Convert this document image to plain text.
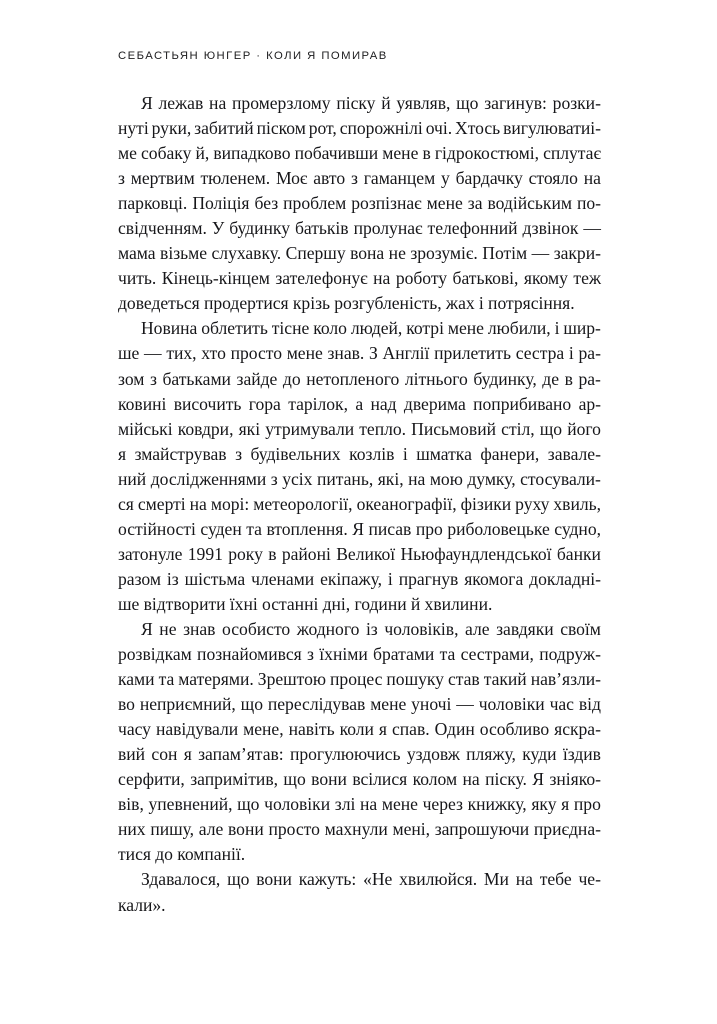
СЕБАСТЬЯН ЮНГЕР · КОЛИ Я ПОМИРАВ

Я лежав на промерзлому піску й уявляв, що загинув: розки-
нуті руки, забитий піском рот, спорожнілі очі. Хтось вигулюватиі-
ме собаку й, випадково побачивши мене в гідрокостюмі, сплутає
з мертвим тюленем. Моє авто з гаманцем у бардачку стояло на
парковці. Поліція без проблем розпізнає мене за водійським по-
свідченням. У будинку батьків пролунає телефонний дзвінок —
мама візьме слухавку. Спершу вона не зрозуміє. Потім — закри-
чить. Кінець-кінцем зателефонує на роботу батькові, якому теж
доведеться продертися крізь розгубленість, жах і потрясіння.

Новина облетить тісне коло людей, котрі мене любили, і шир-
ше — тих, хто просто мене знав. З Англії прилетить сестра і ра-
зом з батьками зайде до нетопленого літнього будинку, де в ра-
ковині височить гора тарілок, а над дверима поприбивано ар-
мійські ковдри, які утримували тепло. Письмовий стіл, що його
я змайстрував з будівельних козлів і шматка фанери, завале-
ний дослідженнями з усіх питань, які, на мою думку, стосували-
ся смерті на морі: метеорології, океанографії, фізики руху хвиль,
остійності суден та втоплення. Я писав про риболовецьке судно,
затонуле 1991 року в районі Великої Ньюфаундлендської банки
разом із шістьма членами екіпажу, і прагнув якомога докладні-
ше відтворити їхні останні дні, години й хвилини.

Я не знав особисто жодного із чоловіків, але завдяки своїм
розвідкам познайомився з їхніми братами та сестрами, подруж-
ками та матерями. Зрештою процес пошуку став такий нав’язли-
во неприємний, що переслідував мене уночі — чоловіки час від
часу навідували мене, навіть коли я спав. Один особливо яскра-
вий сон я запам’ятав: прогулюючись уздовж пляжу, куди їздив
серфити, запримітив, що вони всілися колом на піску. Я зніяко-
вів, упевнений, що чоловіки злі на мене через книжку, яку я про
них пишу, але вони просто махнули мені, запрошуючи приєдна-
тися до компанії.

Здавалося, що вони кажуть: «Не хвилюйся. Ми на тебе че-
кали».
